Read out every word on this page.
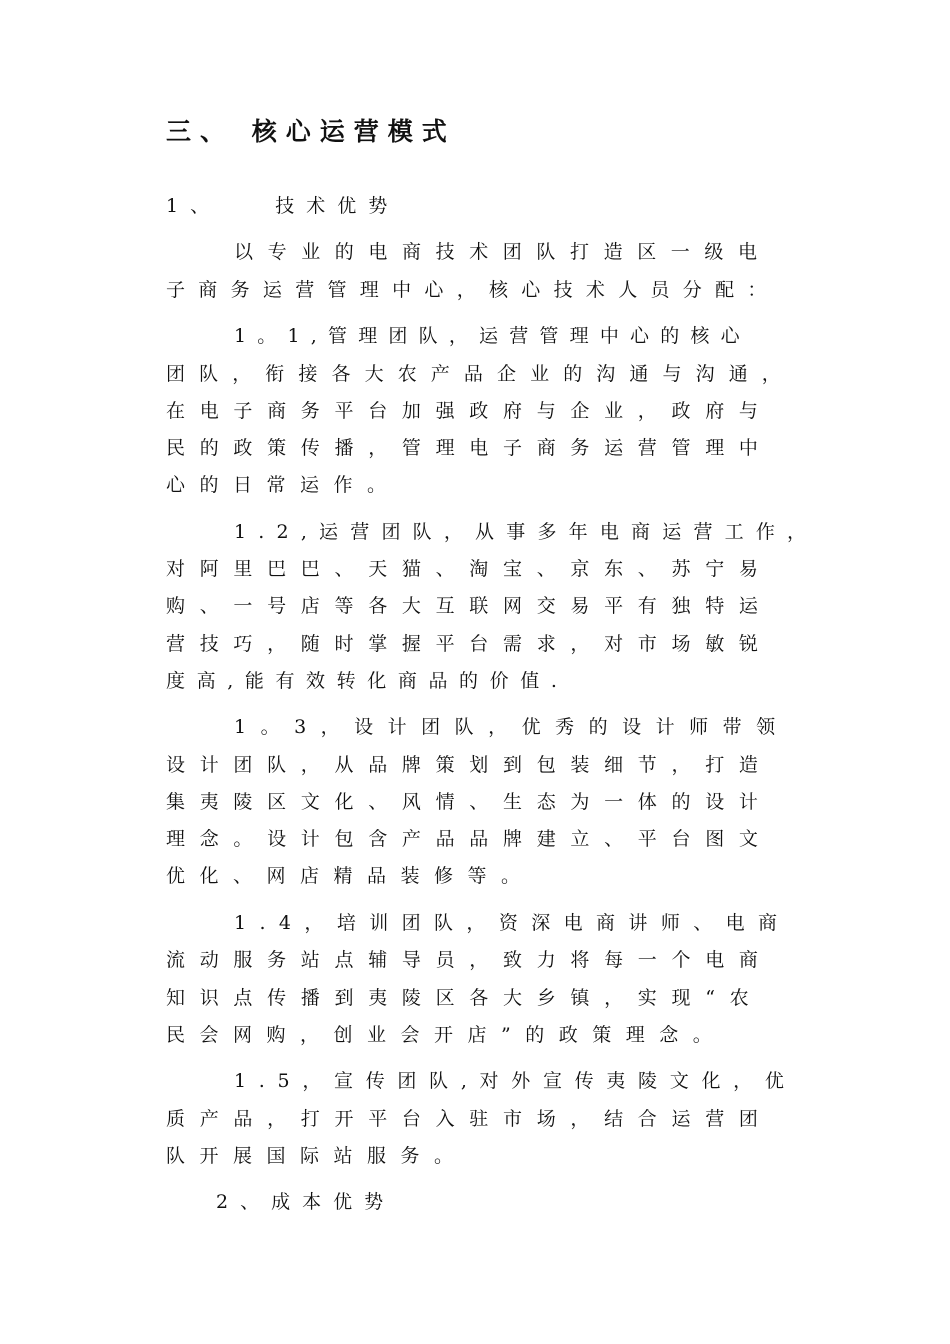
三、 核心运营模式

1、   技术优势

以专业的电商技术团队打造区一级电

子商务运营管理中心，核心技术人员分配：

1。1,管理团队，运营管理中心的核心

团队，衔接各大农产品企业的沟通与沟通，

在电子商务平台加强政府与企业，政府与

民的政策传播，管理电子商务运营管理中

心的日常运作。

1.2,运营团队，从事多年电商运营工作，

对阿里巴巴、天猫、淘宝、京东、苏宁易

购、一号店等各大互联网交易平有独特运

营技巧，随时掌握平台需求，对市场敏锐

度高,能有效转化商品的价值.

1。3，设计团队，优秀的设计师带领

设计团队，从品牌策划到包装细节，打造

集夷陵区文化、风情、生态为一体的设计

理念。设计包含产品品牌建立、平台图文

优化、网店精品装修等。

1.4，培训团队，资深电商讲师、电商

流动服务站点辅导员，致力将每一个电商

知识点传播到夷陵区各大乡镇，实现“农

民会网购，创业会开店”的政策理念。

1.5，宣传团队,对外宣传夷陵文化，优

质产品，打开平台入驻市场，结合运营团

队开展国际站服务。

2、成本优势
